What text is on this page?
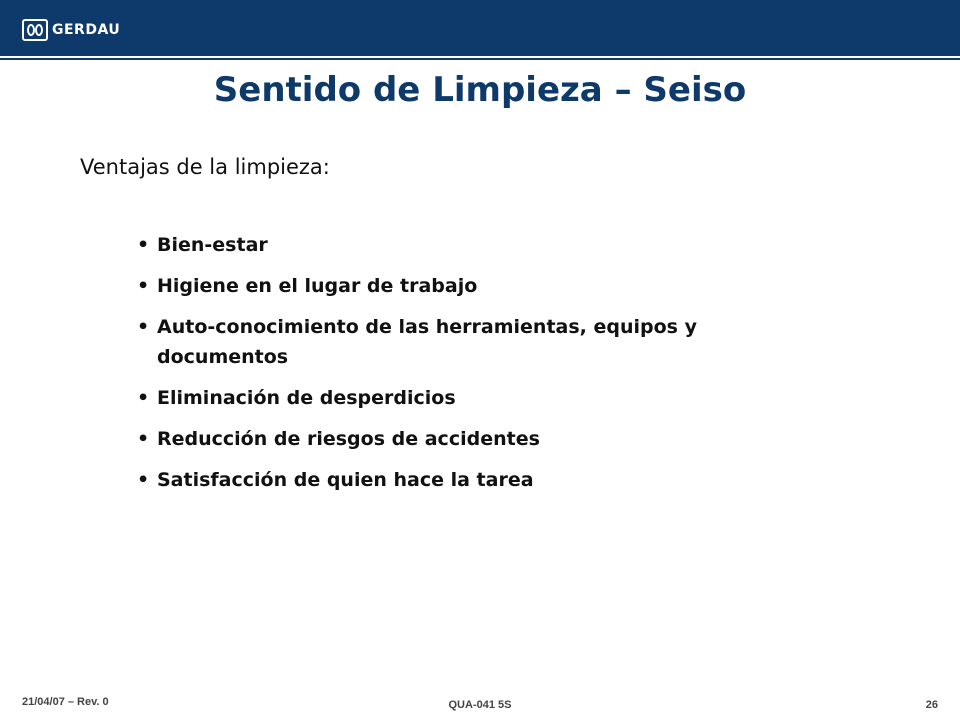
GERDAU
Sentido de Limpieza – Seiso

Ventajas de la limpieza:

• Bien-estar
• Higiene en el lugar de trabajo
• Auto-conocimiento de las herramientas, equipos y documentos
• Eliminación de desperdicios
• Reducción de riesgos de accidentes
• Satisfacción de quien hace la tarea
21/04/07 – Rev. 0	QUA-041 5S	26
